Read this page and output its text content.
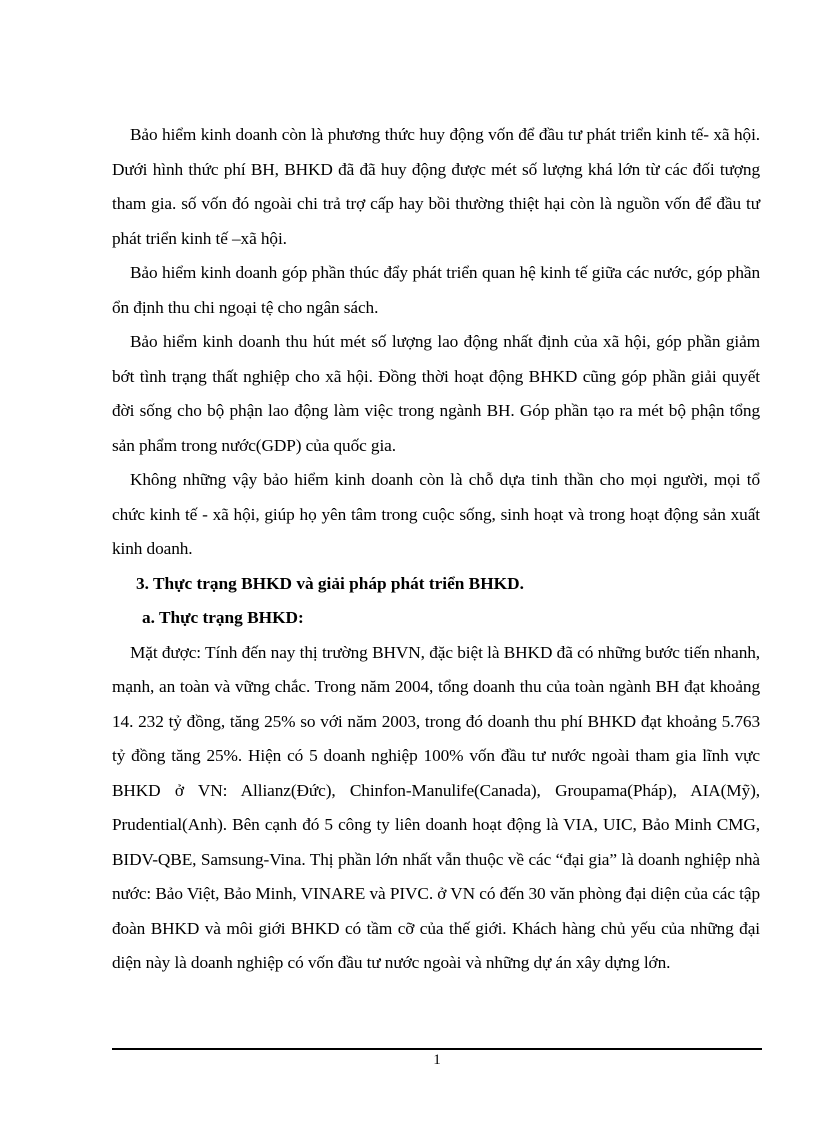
Bảo hiểm kinh doanh còn là phương thức huy động vốn để đầu tư phát triển kinh tế- xã hội. Dưới hình thức phí BH, BHKD đã đã huy động được mét số lượng khá lớn từ các đối tượng tham gia. số vốn đó ngoài chi trả trợ cấp hay bồi thường thiệt hại còn là nguồn vốn để đầu tư phát triển kinh tế –xã hội.

Bảo hiểm kinh doanh góp phần thúc đẩy phát triển quan hệ kinh tế giữa các nước, góp phần ổn định thu chi ngoại tệ cho ngân sách.

Bảo hiểm kinh doanh thu hút mét số lượng lao động nhất định của xã hội, góp phần giảm bớt tình trạng thất nghiệp cho xã hội. Đồng thời hoạt động BHKD cũng góp phần giải quyết đời sống cho bộ phận lao động làm việc trong ngành BH. Góp phần tạo ra mét bộ phận tổng sản phẩm trong nước(GDP) của quốc gia.

Không những vậy bảo hiểm kinh doanh còn là chỗ dựa tinh thần cho mọi người, mọi tổ chức kinh tế - xã hội, giúp họ yên tâm trong cuộc sống, sinh hoạt và trong hoạt động sản xuất kinh doanh.

3. Thực trạng BHKD và giải pháp phát triển BHKD.

a. Thực trạng BHKD:

Mặt được: Tính đến nay thị trường BHVN, đặc biệt là BHKD đã có những bước tiến nhanh, mạnh, an toàn và vững chắc. Trong năm 2004, tổng doanh thu của toàn ngành BH đạt khoảng 14. 232 tỷ đồng, tăng 25% so với năm 2003, trong đó doanh thu phí BHKD đạt khoảng 5.763 tỷ đồng tăng 25%. Hiện có 5 doanh nghiệp 100% vốn đầu tư nước ngoài tham gia lĩnh vực BHKD ở VN: Allianz(Đức), Chinfon-Manulife(Canada), Groupama(Pháp), AIA(Mỹ), Prudential(Anh). Bên cạnh đó 5 công ty liên doanh hoạt động là VIA, UIC, Bảo Minh CMG, BIDV-QBE, Samsung-Vina. Thị phần lớn nhất vẫn thuộc về các “đại gia” là doanh nghiệp nhà nước: Bảo Việt, Bảo Minh, VINARE và PIVC. ở VN có đến 30 văn phòng đại diện của các tập đoàn BHKD và môi giới BHKD có tầm cỡ của thế giới. Khách hàng chủ yếu của những đại diện này là doanh nghiệp có vốn đầu tư nước ngoài và những dự án xây dựng lớn.

1
